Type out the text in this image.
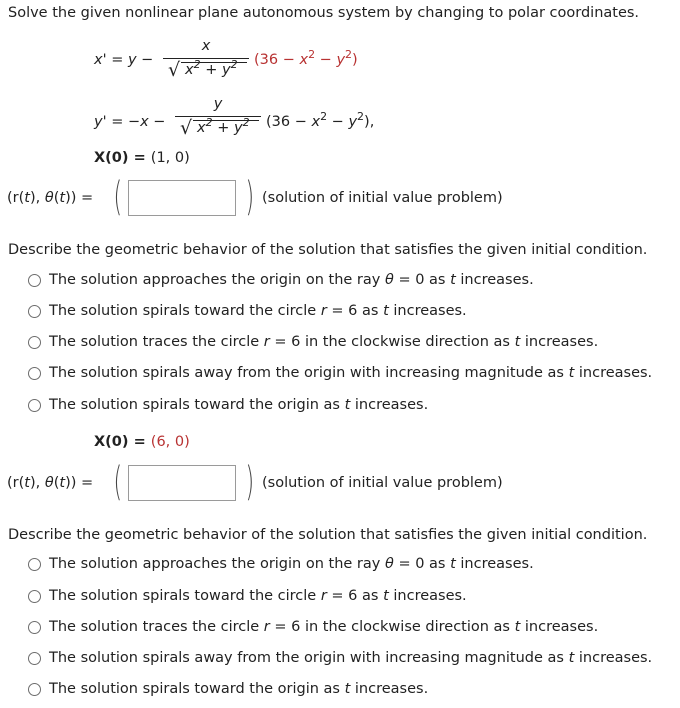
Solve the given nonlinear plane autonomous system by changing to polar coordinates.
x' = y −
x
√ $x^2 + y^2$ $(36 - x^2 - y^2)$
y' = −x −
y
√ $x^2 + y^2$ $(36 - x^2 - y^2)$,
X(0) = (1, 0)
(r(t), θ(t)) = (	) (solution of initial value problem)
Describe the geometric behavior of the solution that satisfies the given initial condition.
The solution approaches the origin on the ray θ = 0 as t increases.
The solution spirals toward the circle r = 6 as t increases.
The solution traces the circle r = 6 in the clockwise direction as t increases.
The solution spirals away from the origin with increasing magnitude as t increases.
The solution spirals toward the origin as t increases.
X(0) = (6, 0)
(r(t), θ(t)) = (	) (solution of initial value problem)
Describe the geometric behavior of the solution that satisfies the given initial condition.
The solution approaches the origin on the ray θ = 0 as t increases.
The solution spirals toward the circle r = 6 as t increases.
The solution traces the circle r = 6 in the clockwise direction as t increases.
The solution spirals away from the origin with increasing magnitude as t increases.
The solution spirals toward the origin as t increases.
